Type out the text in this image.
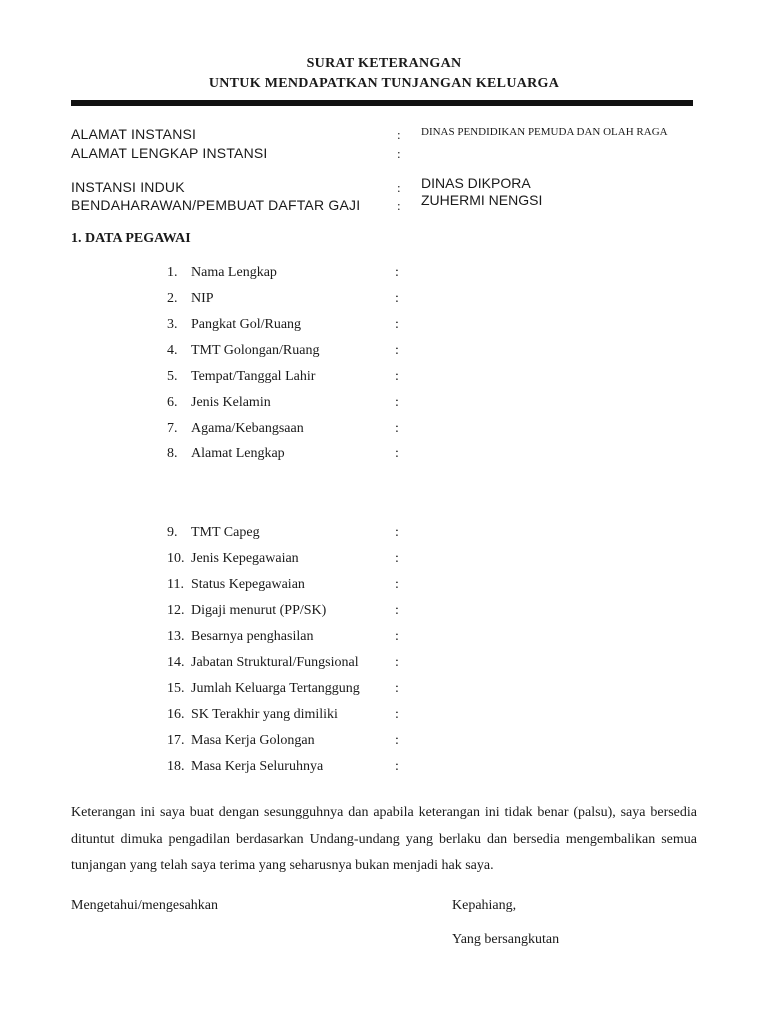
SURAT KETERANGAN
UNTUK MENDAPATKAN TUNJANGAN KELUARGA
ALAMAT INSTANSI	: DINAS PENDIDIKAN PEMUDA DAN OLAH RAGA
ALAMAT LENGKAP INSTANSI	:
INSTANSI INDUK	: DINAS DIKPORA
BENDAHARAWAN/PEMBUAT DAFTAR GAJI	: ZUHERMI NENGSI
1. DATA PEGAWAI
1. Nama Lengkap	:
2. NIP	:
3. Pangkat Gol/Ruang	:
4. TMT Golongan/Ruang	:
5. Tempat/Tanggal Lahir	:
6. Jenis Kelamin	:
7. Agama/Kebangsaan	:
8. Alamat Lengkap	:
9. TMT Capeg	:
10. Jenis Kepegawaian	:
11. Status Kepegawaian	:
12. Digaji menurut (PP/SK)	:
13. Besarnya penghasilan	:
14. Jabatan Struktural/Fungsional	:
15. Jumlah Keluarga Tertanggung	:
16. SK Terakhir yang dimiliki	:
17. Masa Kerja Golongan	:
18. Masa Kerja Seluruhnya	:
Keterangan ini saya buat dengan sesungguhnya dan apabila keterangan ini tidak benar (palsu), saya bersedia dituntut dimuka pengadilan berdasarkan Undang-undang yang berlaku dan bersedia mengembalikan semua tunjangan yang telah saya terima yang seharusnya bukan menjadi hak saya.
Mengetahui/mengesahkan	Kepahiang,
Yang bersangkutan
